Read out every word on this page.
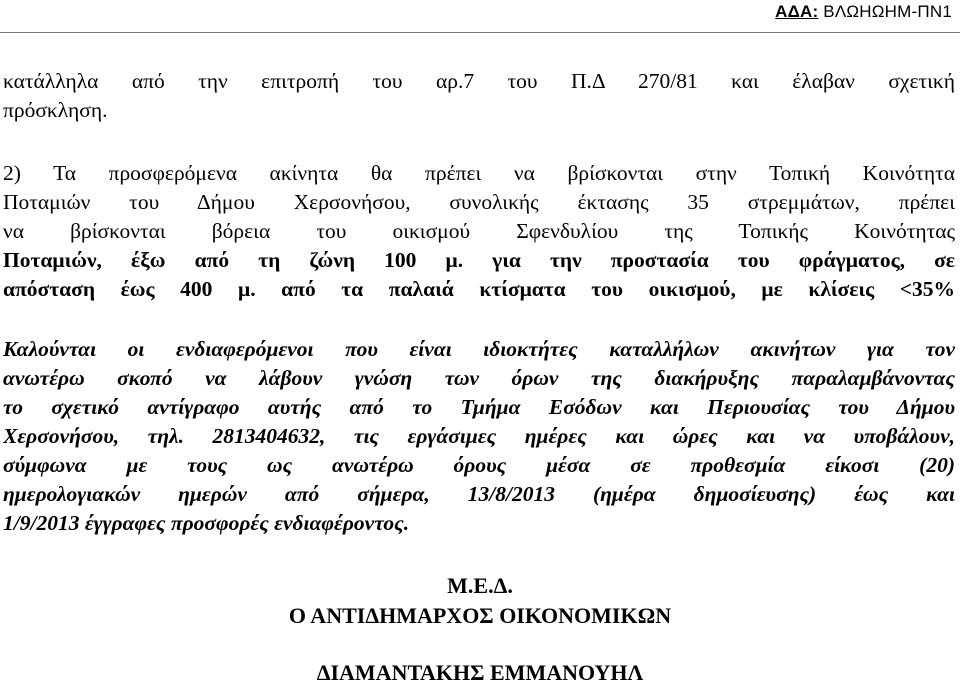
ΑΔΑ: ΒΛΩΗΩΗΜ-ΠΝ1
κατάλληλα από την επιτροπή του αρ.7 του Π.Δ 270/81 και έλαβαν σχετική
πρόσκληση.
2) Τα προσφερόμενα ακίνητα θα πρέπει να βρίσκονται στην Τοπική Κοινότητα
Ποταμιών του Δήμου Χερσονήσου, συνολικής έκτασης 35 στρεμμάτων, πρέπει
να βρίσκονται βόρεια του οικισμού Σφενδυλίου της Τοπικής Κοινότητας
Ποταμιών, έξω από τη ζώνη 100 μ. για την προστασία του φράγματος, σε
απόσταση έως 400 μ. από τα παλαιά κτίσματα του οικισμού, με κλίσεις <35%
Καλούνται οι ενδιαφερόμενοι που είναι ιδιοκτήτες καταλλήλων ακινήτων για τον
ανωτέρω σκοπό να λάβουν γνώση των όρων της διακήρυξης παραλαμβάνοντας
το σχετικό αντίγραφο αυτής από το Τμήμα Εσόδων και Περιουσίας του Δήμου
Χερσονήσου, τηλ. 2813404632, τις εργάσιμες ημέρες και ώρες και να υποβάλουν,
σύμφωνα με τους ως ανωτέρω όρους μέσα σε προθεσμία είκοσι (20)
ημερολογιακών ημερών από σήμερα, 13/8/2013 (ημέρα δημοσίευσης) έως και
1/9/2013 έγγραφες προσφορές ενδιαφέροντος.
Μ.Ε.Δ.
Ο ΑΝΤΙΔΗΜΑΡΧΟΣ ΟΙΚΟΝΟΜΙΚΩΝ
ΔΙΑΜΑΝΤΑΚΗΣ ΕΜΜΑΝΟΥΗΛ
